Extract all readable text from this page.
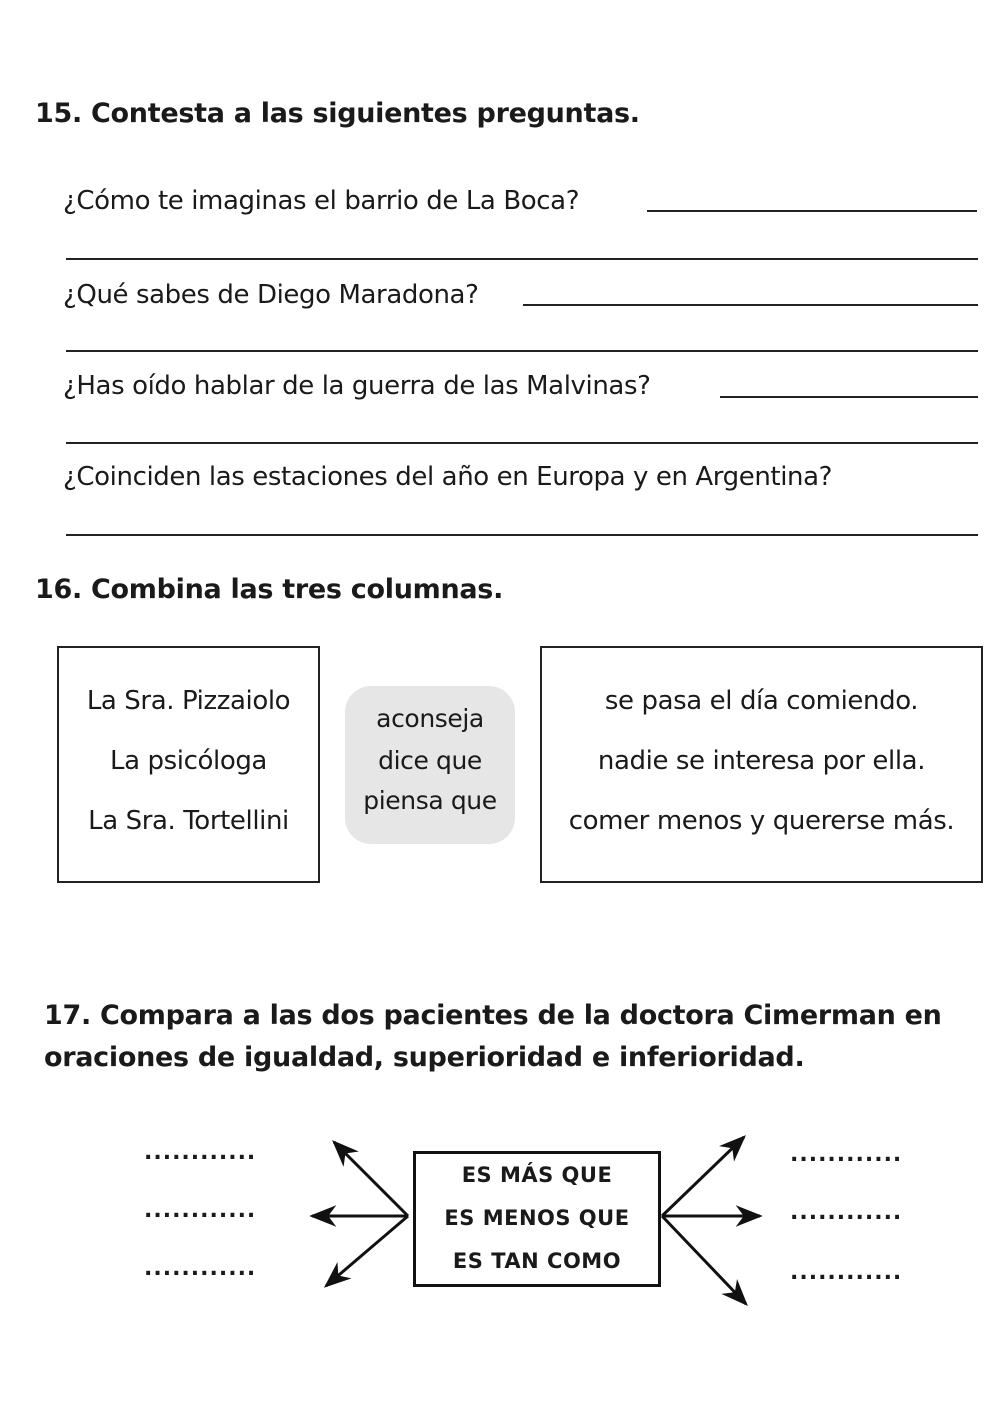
15. Contesta a las siguientes preguntas.
¿Cómo te imaginas el barrio de La Boca?
¿Qué sabes de Diego Maradona?
¿Has oído hablar de la guerra de las Malvinas?
¿Coinciden las estaciones del año en Europa y en Argentina?
16. Combina las tres columnas.
La Sra. Pizzaiolo
La psicóloga
La Sra. Tortellini
aconseja
dice que
piensa que
se pasa el día comiendo.
nadie se interesa por ella.
comer menos y quererse más.
17. Compara a las dos pacientes de la doctora Cimerman en
oraciones de igualdad, superioridad e inferioridad.
............
............
............
............
............
............
ES MÁS QUE
ES MENOS QUE
ES TAN COMO
